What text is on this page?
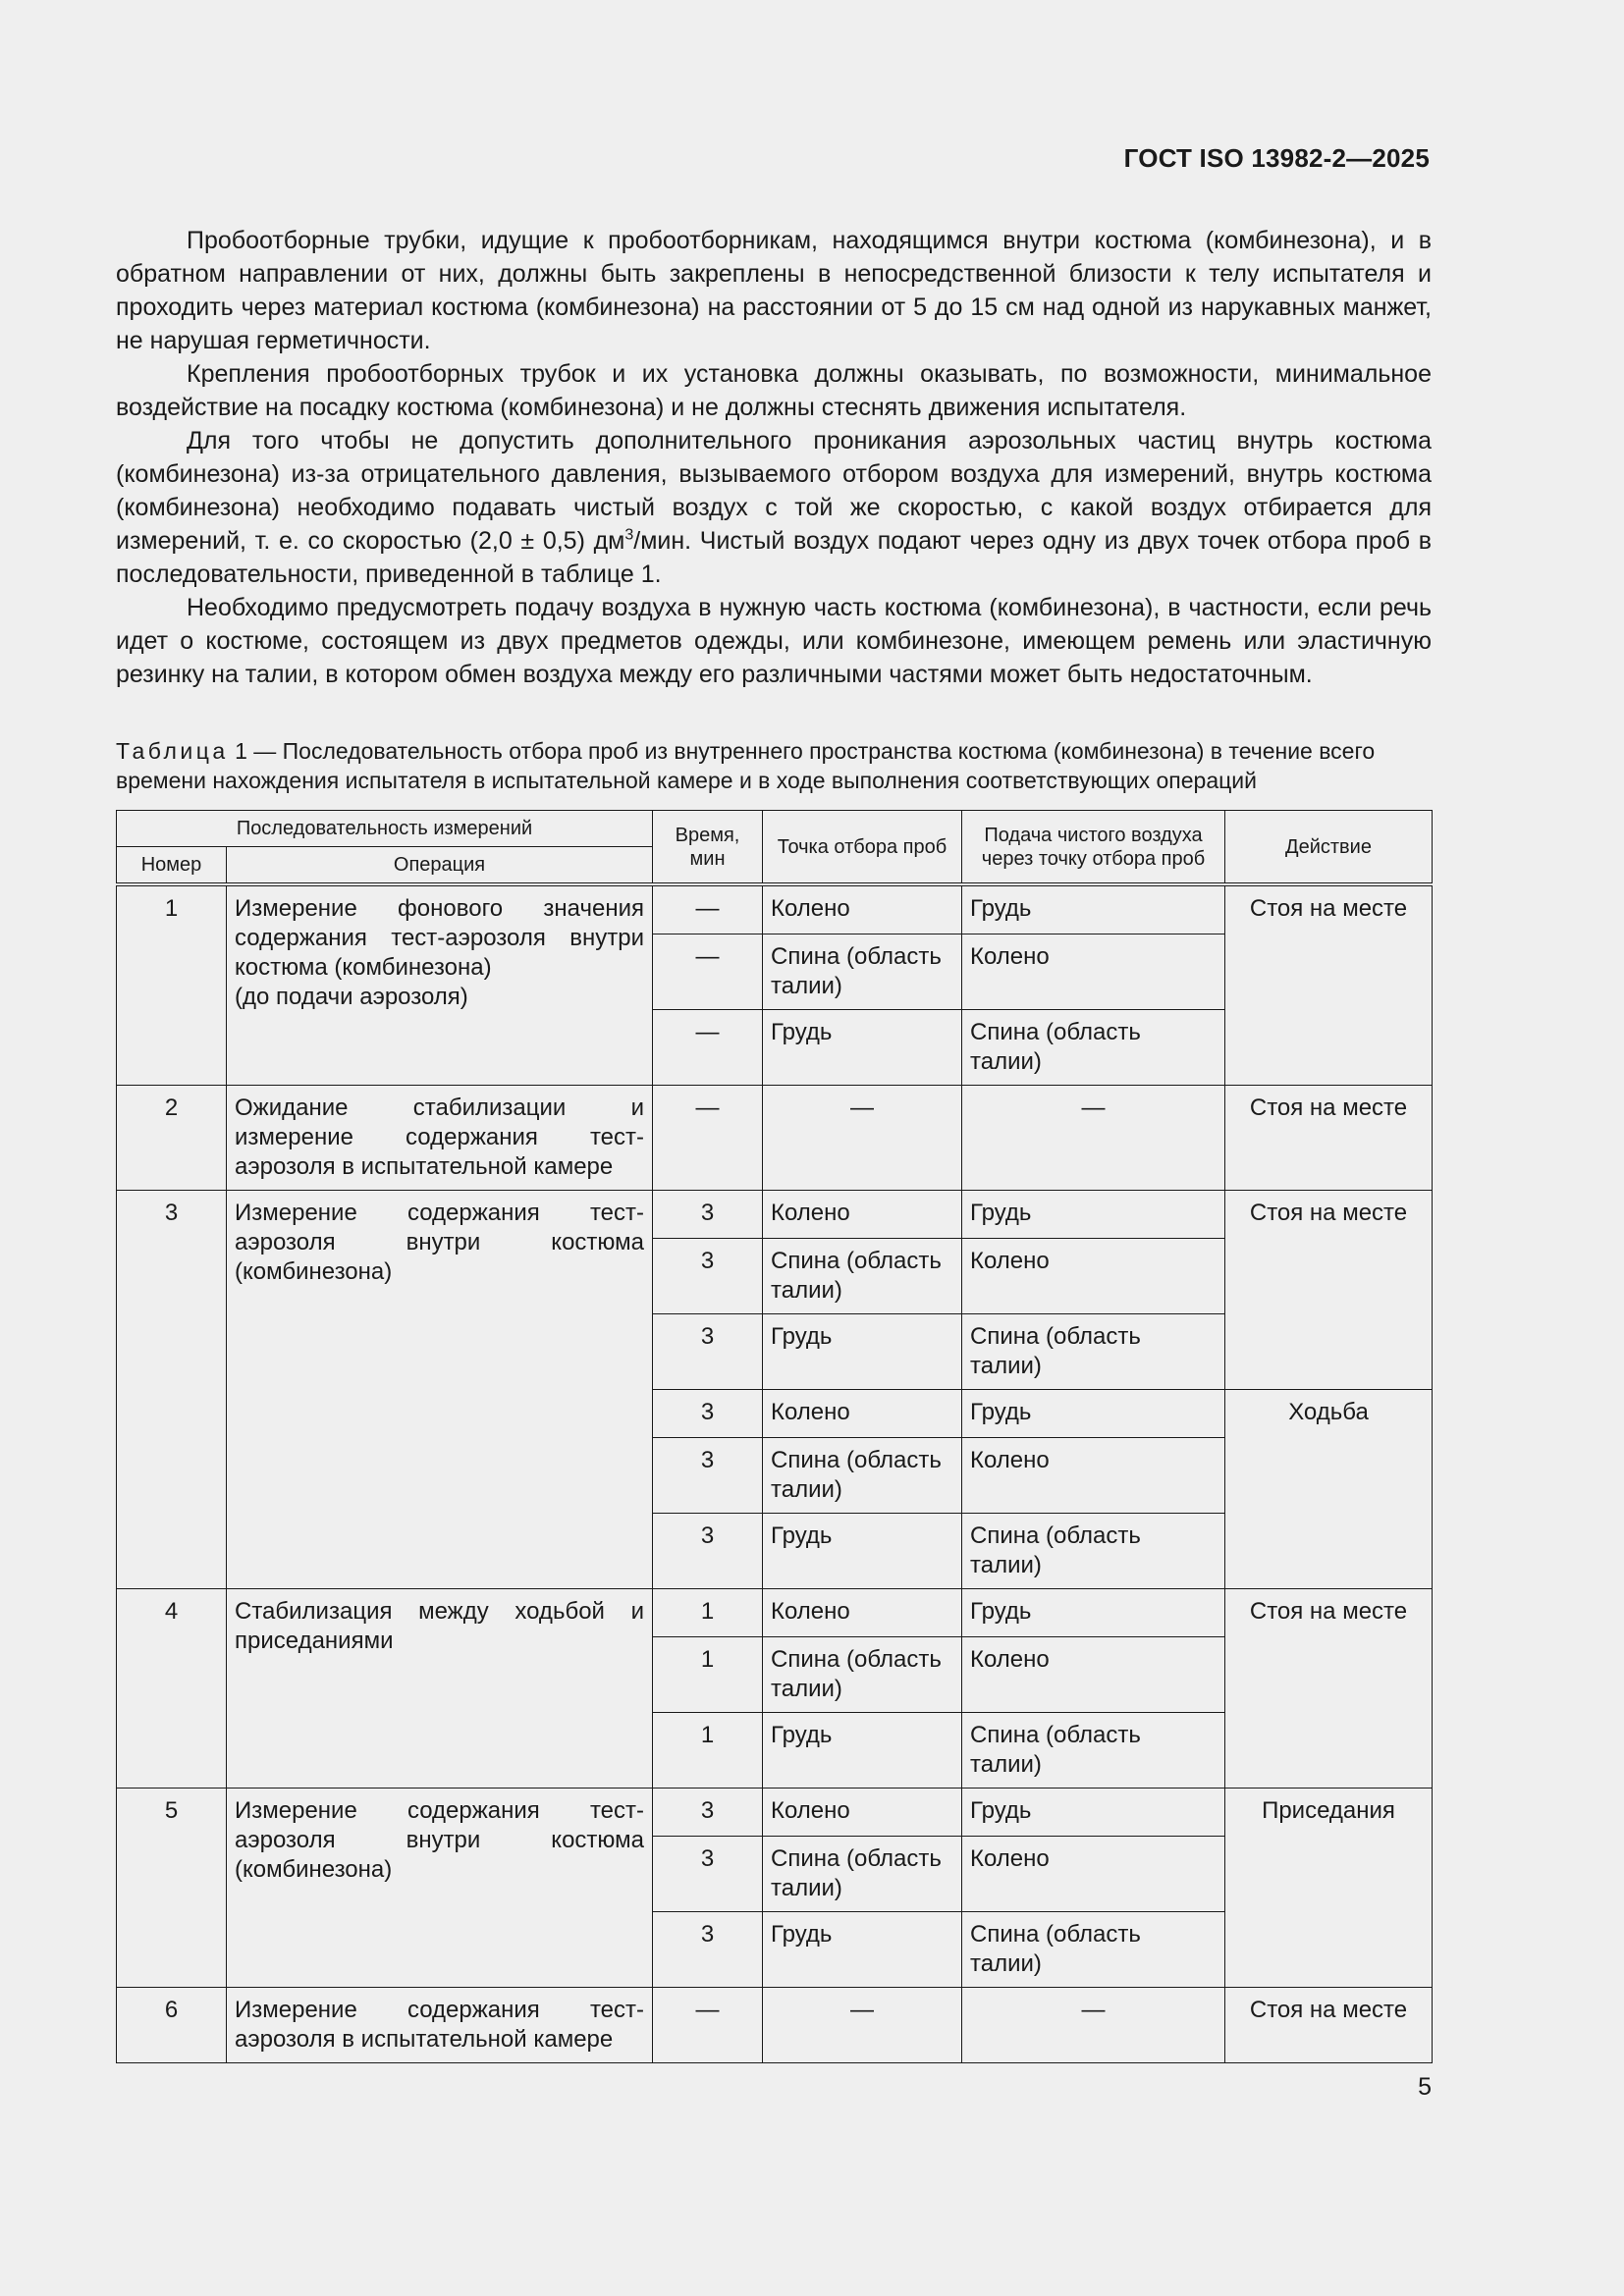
ГОСТ ISO 13982-2—2025

Пробоотборные трубки, идущие к пробоотборникам, находящимся внутри костюма (комбинезона), и в обратном направлении от них, должны быть закреплены в непосредственной близости к телу испытателя и проходить через материал костюма (комбинезона) на расстоянии от 5 до 15 см над одной из нарукавных манжет, не нарушая герметичности.

Крепления пробоотборных трубок и их установка должны оказывать, по возможности, минимальное воздействие на посадку костюма (комбинезона) и не должны стеснять движения испытателя.

Для того чтобы не допустить дополнительного проникания аэрозольных частиц внутрь костюма (комбинезона) из-за отрицательного давления, вызываемого отбором воздуха для измерений, внутрь костюма (комбинезона) необходимо подавать чистый воздух с той же скоростью, с какой воздух отбирается для измерений, т. е. со скоростью (2,0 ± 0,5) $дм^3$/мин. Чистый воздух подают через одну из двух точек отбора проб в последовательности, приведенной в таблице 1.

Необходимо предусмотреть подачу воздуха в нужную часть костюма (комбинезона), в частности, если речь идет о костюме, состоящем из двух предметов одежды, или комбинезоне, имеющем ремень или эластичную резинку на талии, в котором обмен воздуха между его различными частями может быть недостаточным.

Таблица 1 — Последовательность отбора проб из внутреннего пространства костюма (комбинезона) в течение всего времени нахождения испытателя в испытательной камере и в ходе выполнения соответствующих операций
Последовательность измерений		Время, мин	Точка отбора проб	Подача чистого воздуха через точку отбора проб	Действие
Номер	Операция				
1	Измерение фонового значения содержания тест-аэрозоля внутри костюма (комбинезона)
(до подачи аэрозоля)	—	Колено	Грудь	Стоя на месте
		—	Спина (область талии)	Колено	
		—	Грудь	Спина (область талии)	
2	Ожидание стабилизации и измерение содержания тест-аэрозоля в испытательной камере	—	—	—	Стоя на месте
3	Измерение содержания тест-аэрозоля внутри костюма (комбинезона)	3	Колено	Грудь	Стоя на месте
		3	Спина (область талии)	Колено	
		3	Грудь	Спина (область талии)	
		3	Колено	Грудь	Ходьба
		3	Спина (область талии)	Колено	
		3	Грудь	Спина (область талии)	
4	Стабилизация между ходьбой и приседаниями	1	Колено	Грудь	Стоя на месте
		1	Спина (область талии)	Колено	
		1	Грудь	Спина (область талии)	
5	Измерение содержания тест-аэрозоля внутри костюма (комбинезона)	3	Колено	Грудь	Приседания
		3	Спина (область талии)	Колено	
		3	Грудь	Спина (область талии)	
6	Измерение содержания тест-аэрозоля в испытательной камере	—	—	—	Стоя на месте
5
